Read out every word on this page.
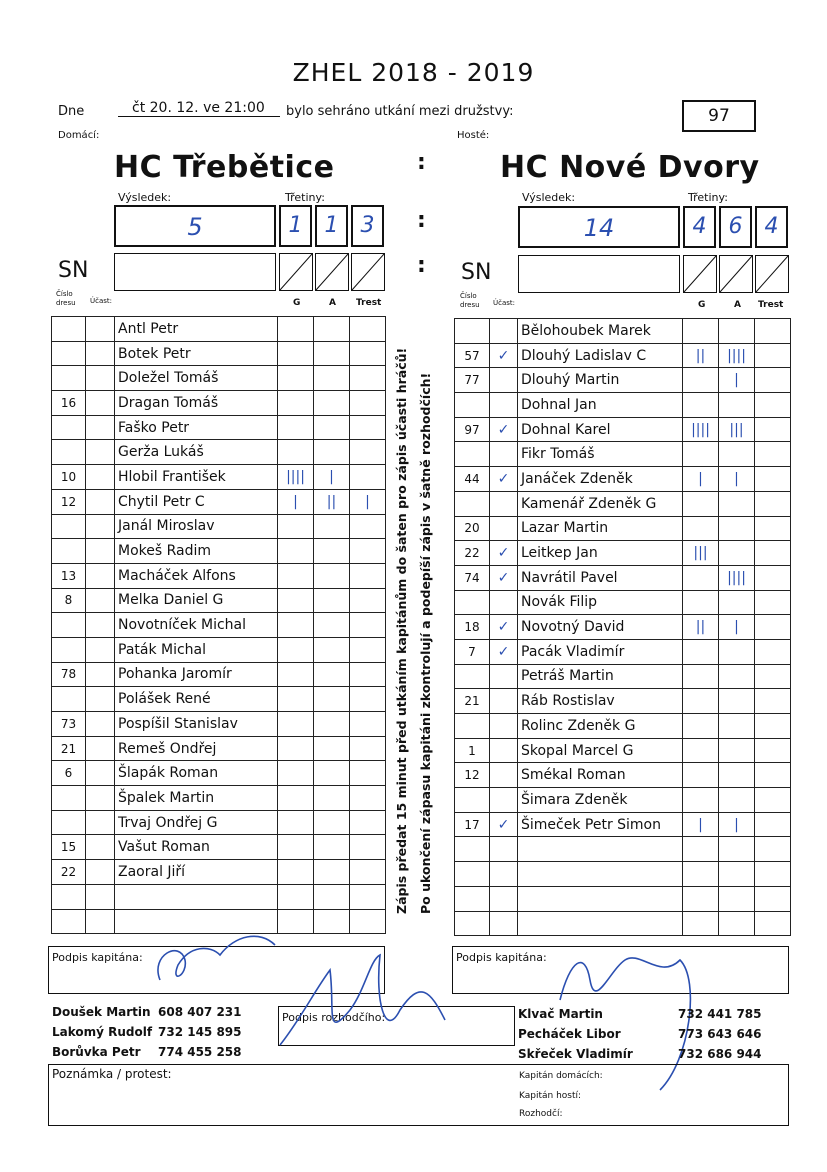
ZHEL 2018 - 2019
Dne	čt 20. 12. ve 21:00	bylo sehráno utkání mezi družstvy:	97
Domácí:	Hosté:
HC Třebětice
Výsledek:	Třetiny:
5	1	1	3
SN
Číslo dresu	Účast:	G	A Trest
		Antl Petr			
		Botek Petr			
		Doležel Tomáš			
16		Dragan Tomáš			
		Faško Petr			
		Gerža Lukáš			
10		Hlobil František	||||	|	
12		Chytil Petr C	|	||	|
		Janál Miroslav			
		Mokeš Radim			
13		Macháček Alfons			
8		Melka Daniel G			
		Novotníček Michal			
		Paták Michal			
78		Pohanka Jaromír			
		Polášek René			
73		Pospíšil Stanislav			
21		Remeš Ondřej			
6		Šlapák Roman			
		Špalek Martin			
		Trvaj Ondřej G			
15		Vašut Roman			
22		Zaoral Jiří			

:
:
:
Zápis předat 15 minut před utkáním kapitánům do šaten pro zápis účasti hráčů! Po ukončení zápasu kapitáni zkontrolují a podepíší zápis v šatně rozhodčích!
HC Nové Dvory
Výsledek:	Třetiny:
14	4	6	4
SN
Číslo dresu	Účast:	G	A Trest
		Bělohoubek Marek			
57	✓	Dlouhý Ladislav C	||	||||	
77		Dlouhý Martin		|	
		Dohnal Jan			
97	✓	Dohnal Karel	||||	|||	
		Fikr Tomáš			
44	✓	Janáček Zdeněk	|	|	
		Kamenář Zdeněk G			
20		Lazar Martin			
22	✓	Leitkep Jan	|||		
74	✓	Navrátil Pavel		||||	
		Novák Filip			
18	✓	Novotný David	||	|	
7	✓	Pacák Vladimír			
		Petráš Martin			
21		Ráb Rostislav			
		Rolinc Zdeněk G			
1		Skopal Marcel G			
12		Smékal Roman			
		Šimara Zdeněk			
17	✓	Šimeček Petr Simon	|	|	

Podpis kapitána:	Podpis kapitána:
Podpis rozhodčího:
Doušek Martin 608 407 231
Lakomý Rudolf 732 145 895
Borůvka Petr 774 455 258
Klvač Martin	732 441 785
Pecháček Libor	773 643 646
Skřeček Vladimír	732 686 944
Poznámka / protest:	Kapitán domácích:
Kapitán hostí:
Rozhodčí:
